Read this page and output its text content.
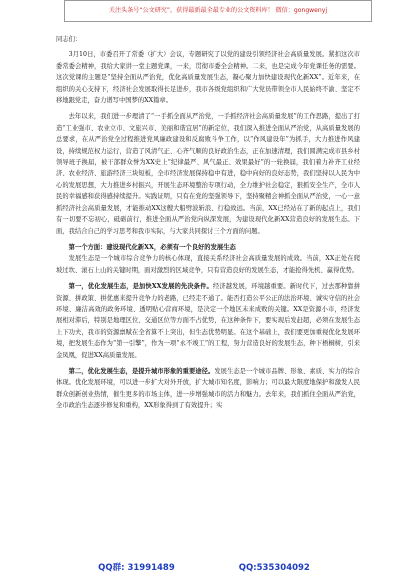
关注头条号“公文研究”，获得最新最全最专业的公文资料库！ 微信：gongwenyj

同志们：

3月10日，市委召开了常委（扩大）会议，专题研究了以党的建设引领经济社会高质量发展。紧扣这次市委常委会精神，我给大家讲一堂主题党课，一来，贯彻市委全会精神。二来，也是完成今年党课任务的需要。这次党课的主题是“坚持全面从严治党，优化高质量发展生态，凝心聚力加快建设现代化新XX”。近年来，在组织的关心支持下，经济社会发展取得长足进步，我市各级党组织和广大党员带领全市人民始终不渝、坚定不移地跟党走，奋力谱写中国梦的XX篇章。

去年以来，我们进一步理清了“一手抓全面从严治党，一手抓经济社会高质量发展”的工作思路，提出了打造“工业强市、农业立市、文旅兴市、美丽和谐宜居”的新定位，我们深入推进全面从严治党，从高质量发展的总要求，在从严治党全过程推进党风廉政建设和反腐败斗争工作，以“作风建设年”为抓手，大力推进作风建设，持续规范权力运行，营造了风清气正、心齐气顺的良好政治生态，正在加速清理，我们圆满完成市县乡村领导班子换届，被干部群众誉为XX史上“纪律最严、风气最正、效果最好”的一轮换届，我们着力补齐工业经济、农业经济、旅游经济三块短板，全市经济发展保持稳中有进，稳中向好的良好态势，我们坚持以人民为中心的发展思想，大力推进乡村振兴，开展生态环境整治专项行动，全力维护社会稳定，狠抓安全生产，全市人民的幸福感和获得感持续提升。实践证明，只有在党的坚强领导下，坚持聚精会神抓全面从严治党，一心一意抓经济社会高质量发展，才能推动XX这艘大船劈波斩浪、行稳致远。当前，XX已经站在了新的起点上，我们有一切要不忘初心，砥砺前行，推进全面从严治党向纵深发展，为建设现代化新XX营造良好的发展生态。下面，我结合自己的学习思考和我市实际，与大家共同探讨三个方面的问题。

第一个方面：建设现代化新XX，必须有一个良好的发展生态

发展生态是一个城市综合竞争力的核心体现，直接关系经济社会高质量发展的成效。当前，XX正处在爬坡过坎、滚石上山的关键时期，面对激烈的区域竞争，只有营造良好的发展生态，才能抢得先机、赢得优势。

第一，优化发展生态，是加快XX发展的先决条件。经济越发展，环境越重要。新时代下，过去那种靠拼资源、拼政策、拼优惠来提升竞争力的老路，已经走不通了。能否打造公平公正的法治环境、诚实守信的社会环境、廉洁高效的政务环境、透明贴心营商环境，是决定一个地区未来成败的关键。XX是资源小市，经济发展相对滞后，特别是地理区位、交通区位等方面不占优势，在这种条件下，要实现后发赶超，必须在发展生态上下功夫，我市的资源禀赋在全省算不上突出，但生态优势明显。在这个基础上，我们要更加重视优化发展环境，把发展生态作为“第一引擎”，作为一项“永不竣工”的工程，努力营造良好的发展生态，种下梧桐树，引来金凤凰，促进XX高质量发展。

第二，优化发展生态，是提升城市形象的重要途径。发展生态是一个城市品牌、形象、素质、实力的综合体现。优化发展环境，可以进一步扩大对外开放，扩大城市知名度，影响力；可以最大限度地保护和激发人民群众创新创业热情，催生更多的市场主体，进一步增强城市的活力和魅力。去年来，我们抓住全面从严治党，全市政治生态逐步修复和重构，XX形象得到了有效提升；实

QQ群: 31991489	QQ:535304092
